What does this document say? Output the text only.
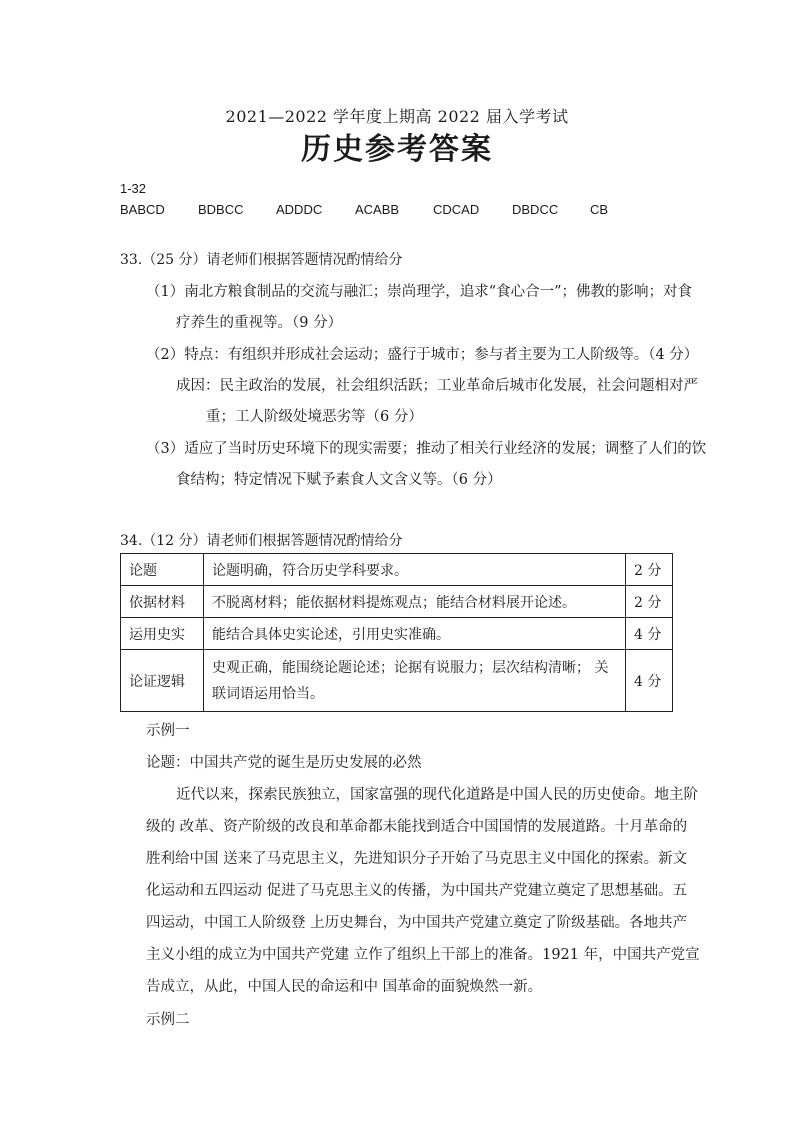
2021—2022 学年度上期高 2022 届入学考试
历史参考答案
1-32
BABCD	BDBCC ADDDC	ACABB	CDCAD	DBDCC CB
33.（25 分）请老师们根据答题情况酌情给分
（1）南北方粮食制品的交流与融汇；崇尚理学，追求“食心合一”；佛教的影响；对食
疗养生的重视等。（9 分）
（2）特点：有组织并形成社会运动；盛行于城市；参与者主要为工人阶级等。（4 分）
成因：民主政治的发展，社会组织活跃；工业革命后城市化发展，社会问题相对严
重；工人阶级处境恶劣等（6 分）
（3）适应了当时历史环境下的现实需要；推动了相关行业经济的发展；调整了人们的饮
食结构；特定情况下赋予素食人文含义等。（6 分）
34.（12 分）请老师们根据答题情况酌情给分
论题	论题明确，符合历史学科要求。	2 分
依据材料	不脱离材料；能依据材料提炼观点；能结合材料展开论述。	2 分
运用史实	能结合具体史实论述，引用史实准确。	4 分
论证逻辑	史观正确，能围绕论题论述；论据有说服力；层次结构清晰； 关联词语运用恰当。	4 分
示例一
论题：中国共产党的诞生是历史发展的必然
近代以来，探索民族独立，国家富强的现代化道路是中国人民的历史使命。地主阶
级的 改革、资产阶级的改良和革命都未能找到适合中国国情的发展道路。十月革命的
胜利给中国 送来了马克思主义，先进知识分子开始了马克思主义中国化的探索。新文
化运动和五四运动 促进了马克思主义的传播，为中国共产党建立奠定了思想基础。五
四运动，中国工人阶级登 上历史舞台，为中国共产党建立奠定了阶级基础。各地共产
主义小组的成立为中国共产党建 立作了组织上干部上的准备。1921 年，中国共产党宣
告成立，从此，中国人民的命运和中 国革命的面貌焕然一新。
示例二
